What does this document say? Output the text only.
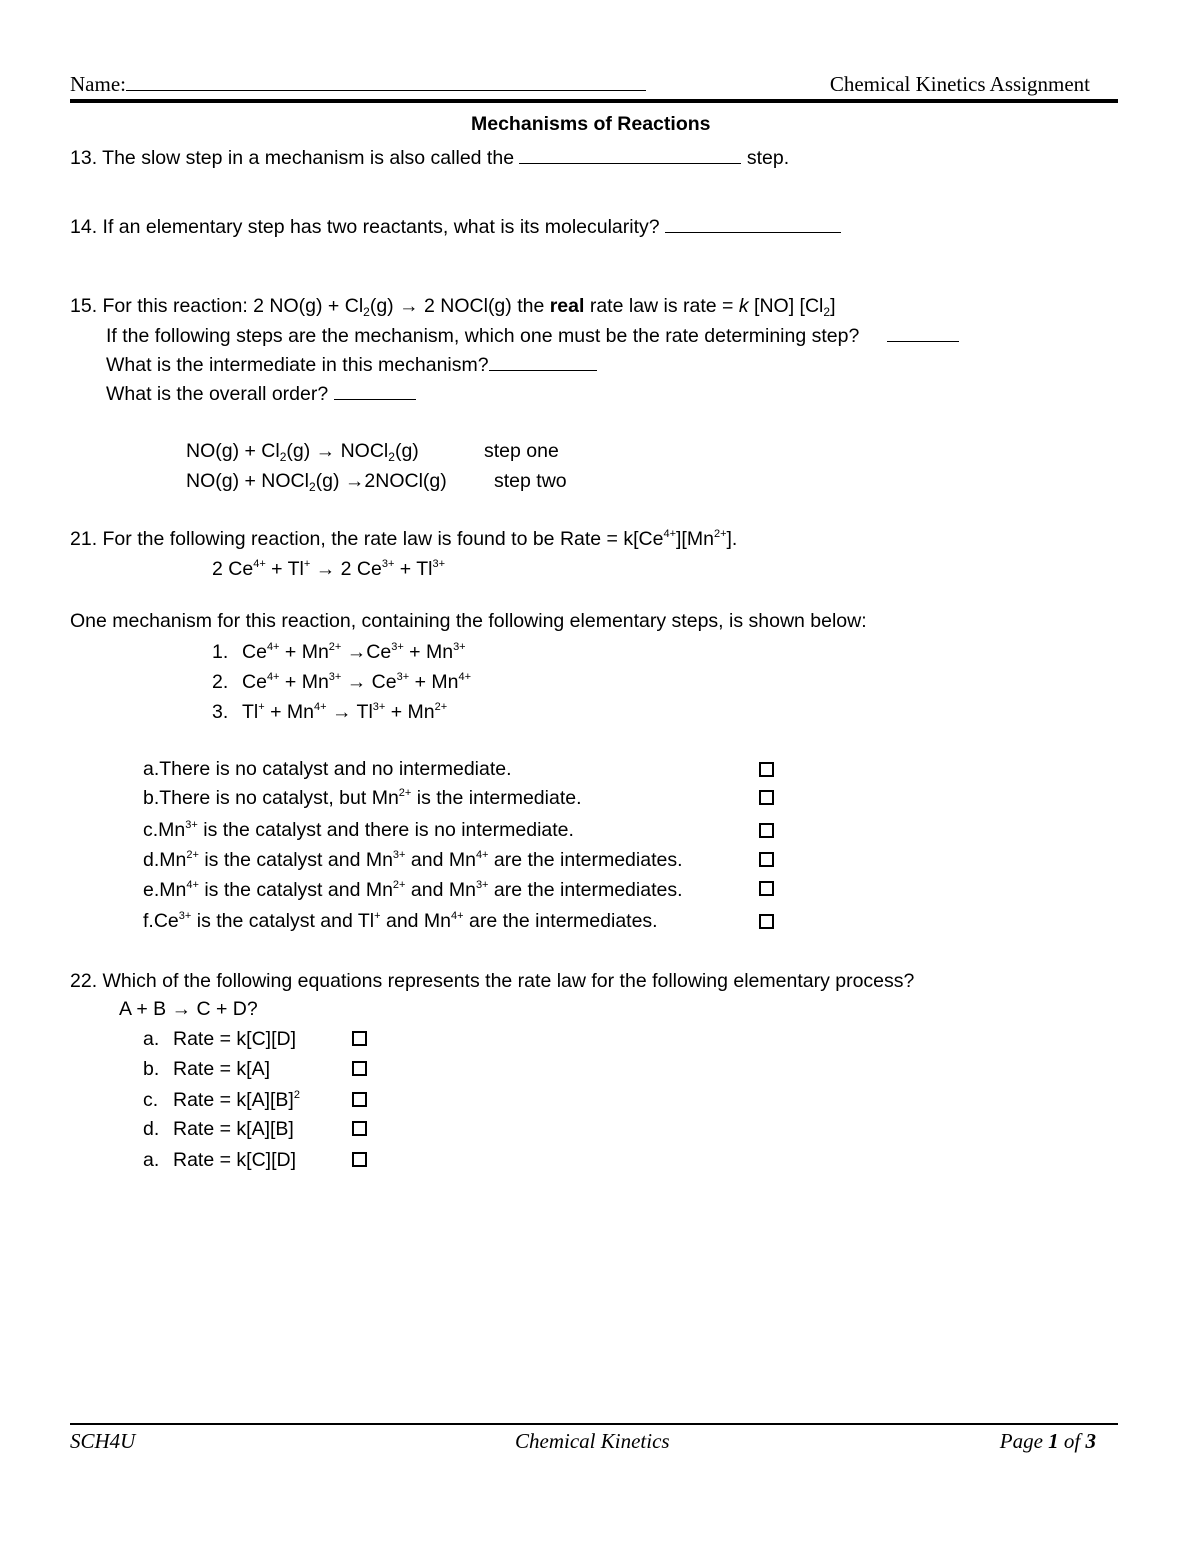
Name:	Chemical Kinetics Assignment
Mechanisms of Reactions
13. The slow step in a mechanism is also called the	step.
14. If an elementary step has two reactants, what is its molecularity?
15. For this reaction: 2 $NO(g) + Cl_2(g) \to 2$ NOCl(g) the real rate law is rate = k [NO] $[Cl_2]$
If the following steps are the mechanism, which one must be the rate determining step?
What is the intermediate in this mechanism?
What is the overall order?
$NO(g) + Cl_2(g)$ → NOCl$_2$(g)	step one
NO(g) + NOCl$_2$(g) →2NOCl(g) step two
21. For the following reaction, the rate law is found to be Rate = $k[Ce^{4+}][Mn^{2+}]$.
2 $Ce^{4+} + Tl^+ \to 2$ $Ce^{3+} + Tl^{3+}$
One mechanism for this reaction, containing the following elementary steps, is shown below:
1. $Ce^{4+} + Mn^{2+} \to Ce^{3+} + Mn^{3+}$
2. $Ce^{4+} + Mn^{3+} \to Ce^{3+} + Mn^{4+}$
3. $Tl^+ + Mn^{4+} \to Tl^{3+} + Mn^{2+}$
a.There is no catalyst and no intermediate.
b.There is no catalyst, but $Mn^{2+}$ is the intermediate.
$c.Mn^{3+}$ is the catalyst and there is no intermediate.
$d.Mn^{2+}$ is the catalyst and $Mn^{3+}$ and $Mn^{4+}$ are the intermediates.
$e.Mn^{4+}$ is the catalyst and $Mn^{2+}$ and $Mn^{3+}$ are the intermediates.
$f.Ce^{3+}$ is the catalyst and Tl+ and $Mn^{4+}$ are the intermediates.
22. Which of the following equations represents the rate law for the following elementary process?
A + B → C + D?
a. Rate = k[C][D]
b. Rate = k[A]
c. Rate = $k[A][B]^2$
d. Rate = k[A][B]
a. Rate = k[C][D]
SCH4U	Chemical Kinetics	Page 1 of 3
